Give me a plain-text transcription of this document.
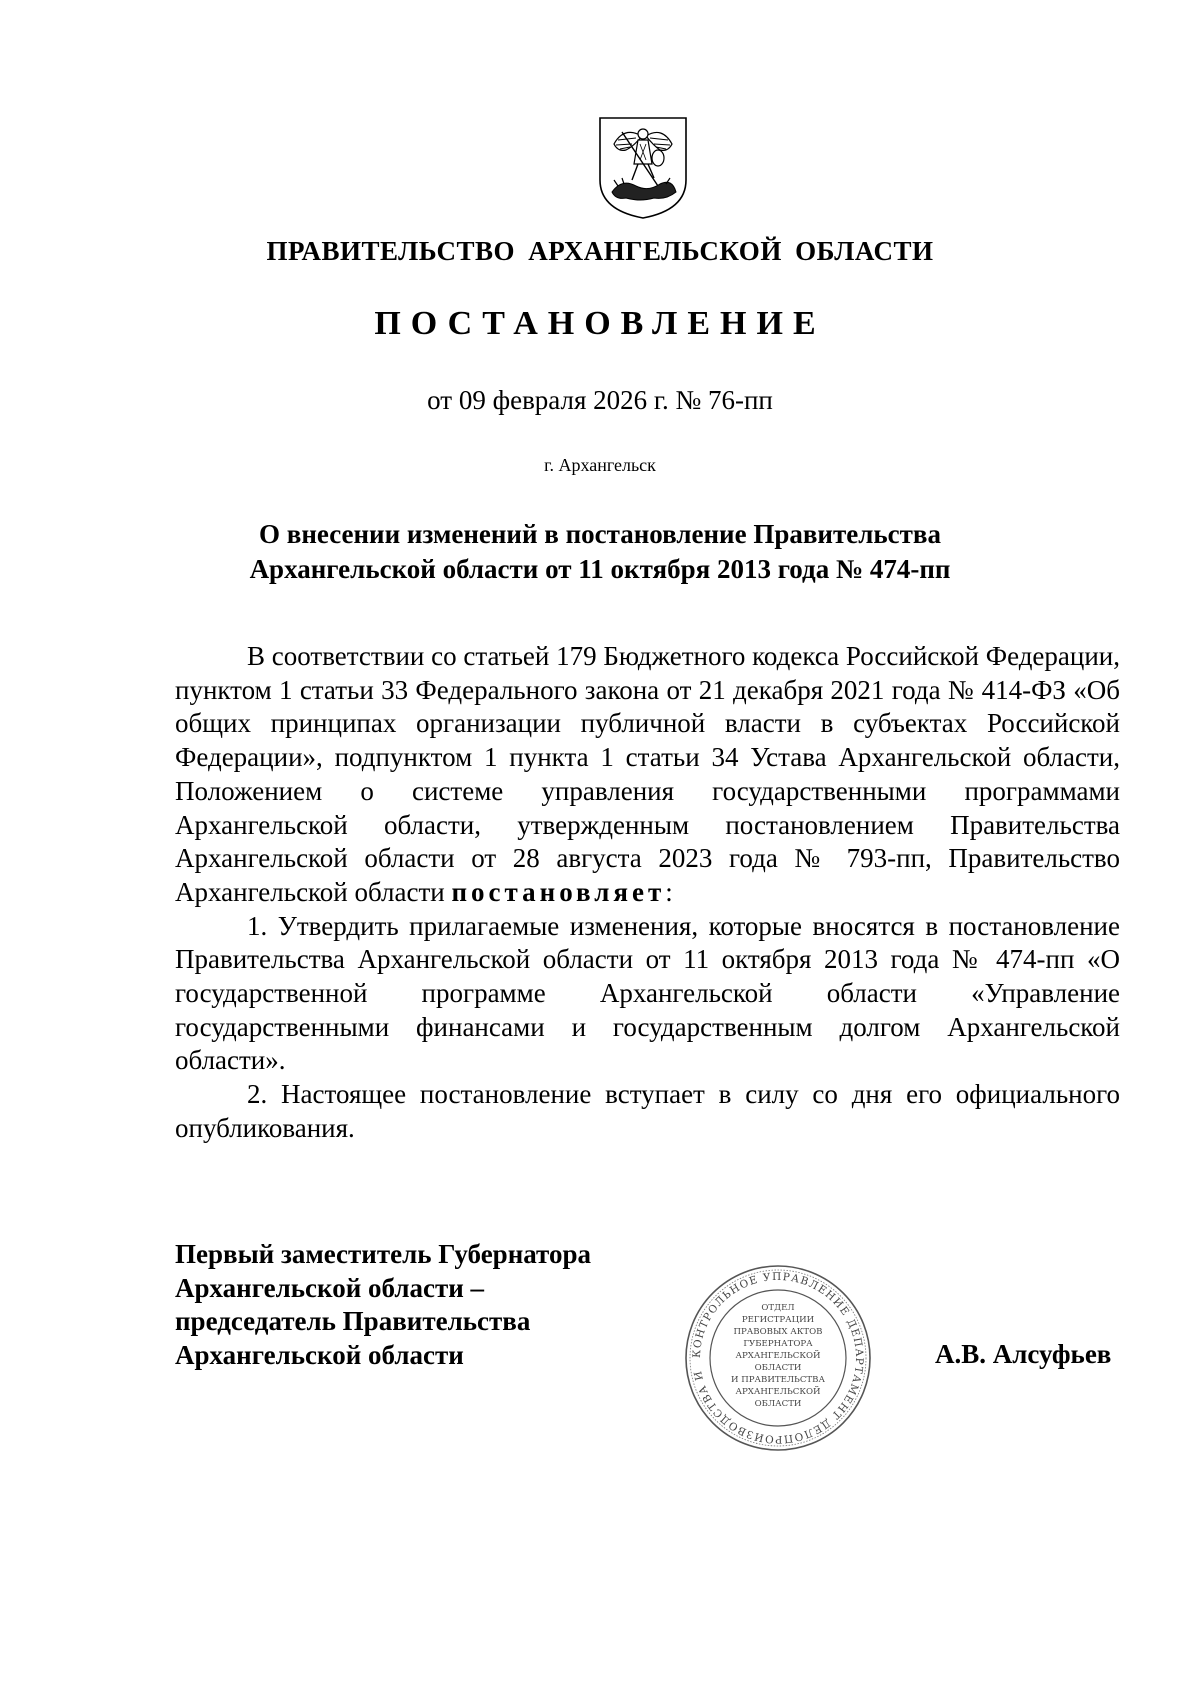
ПРАВИТЕЛЬСТВО АРХАНГЕЛЬСКОЙ ОБЛАСТИ
ПОСТАНОВЛЕНИЕ
от 09 февраля 2026 г. № 76-пп
г. Архангельск
О внесении изменений в постановление Правительства
Архангельской области от 11 октября 2013 года № 474-пп

В соответствии со статьей 179 Бюджетного кодекса Российской Федерации, пунктом 1 статьи 33 Федерального закона от 21 декабря 2021 года № 414-ФЗ «Об общих принципах организации публичной власти в субъектах Российской Федерации», подпунктом 1 пункта 1 статьи 34 Устава Архангельской области, Положением о системе управления государственными программами Архангельской области, утвержденным постановлением Правительства Архангельской области от 28 августа 2023 года № 793-пп, Правительство Архангельской области постановляет:

1. Утвердить прилагаемые изменения, которые вносятся в постановление Правительства Архангельской области от 11 октября 2013 года № 474-пп «О государственной программе Архангельской области «Управление государственными финансами и государственным долгом Архангельской области».

2. Настоящее постановление вступает в силу со дня его официального опубликования.

Первый заместитель Губернатора
Архангельской области –
председатель Правительства
Архангельской области	КОНТРОЛЬНОЕ УПРАВЛЕНИЕ ДЕПАРТАМЕНТ ДЕЛОПРОИЗВОДСТВА И
ОТДЕЛ
РЕГИСТРАЦИИ
ПРАВОВЫХ АКТОВ
ГУБЕРНАТОРА
АРХАНГЕЛЬСКОЙ
ОБЛАСТИ
И ПРАВИТЕЛЬСТВА
АРХАНГЕЛЬСКОЙ
ОБЛАСТИ
А.В. Алсуфьев
